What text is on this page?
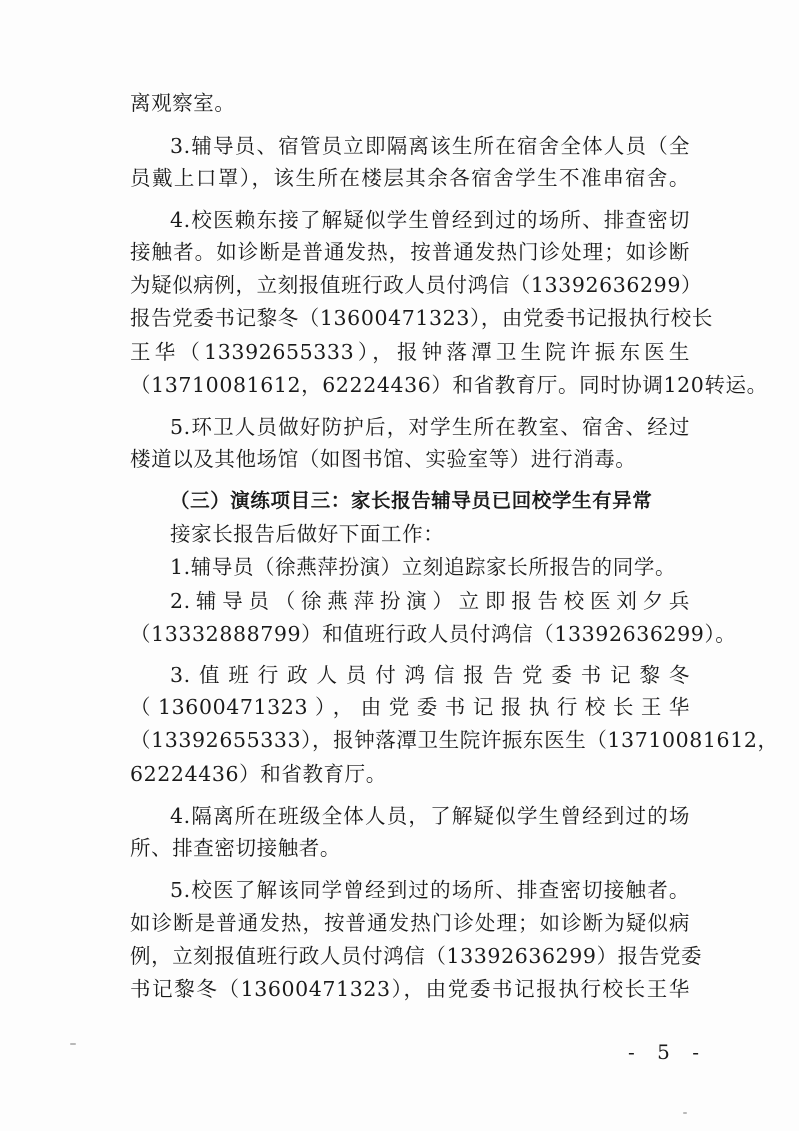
离观察室。
3.辅导员、宿管员立即隔离该生所在宿舍全体人员（全
员戴上口罩），该生所在楼层其余各宿舍学生不准串宿舍。
4.校医赖东接了解疑似学生曾经到过的场所、排查密切
接触者。如诊断是普通发热，按普通发热门诊处理；如诊断
为疑似病例，立刻报值班行政人员付鸿信（13392636299）
报告党委书记黎冬（13600471323），由党委书记报执行校长
王华（13392655333），报钟落潭卫生院许振东医生
（13710081612，62224436）和省教育厅。同时协调120转运。
5.环卫人员做好防护后，对学生所在教室、宿舍、经过
楼道以及其他场馆（如图书馆、实验室等）进行消毒。
（三）演练项目三：家长报告辅导员已回校学生有异常
接家长报告后做好下面工作：
1.辅导员（徐燕萍扮演）立刻追踪家长所报告的同学。
2.辅导员（徐燕萍扮演）立即报告校医刘夕兵
（13332888799）和值班行政人员付鸿信（13392636299）。
3.值班行政人员付鸿信报告党委书记黎冬
（13600471323），由党委书记报执行校长王华
（13392655333），报钟落潭卫生院许振东医生（13710081612，
62224436）和省教育厅。
4.隔离所在班级全体人员，了解疑似学生曾经到过的场
所、排查密切接触者。
5.校医了解该同学曾经到过的场所、排查密切接触者。
如诊断是普通发热，按普通发热门诊处理；如诊断为疑似病
例，立刻报值班行政人员付鸿信（13392636299）报告党委
书记黎冬（13600471323），由党委书记报执行校长王华
- 5 -
